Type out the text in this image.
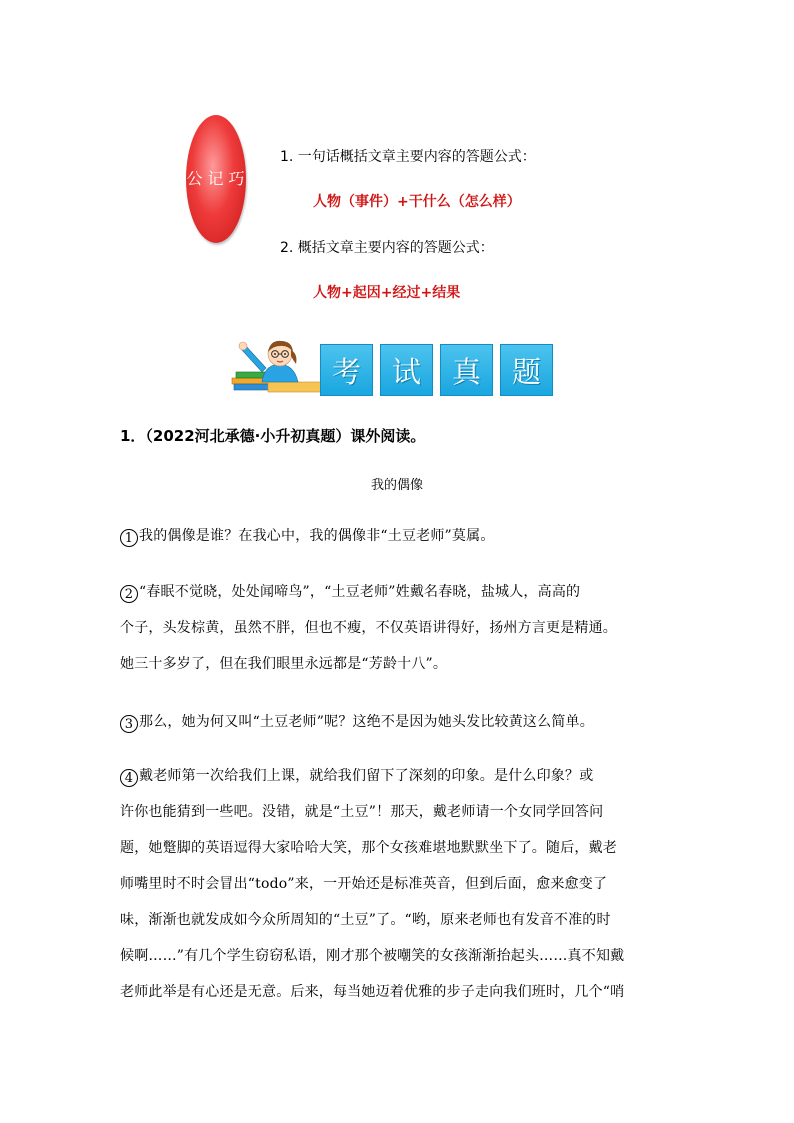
巧
记
公
式
1. 一句话概括文章主要内容的答题公式：
人物（事件）+干什么（怎么样）
2. 概括文章主要内容的答题公式：
人物+起因+经过+结果
考	试	真	题
1．（2022河北承德·小升初真题）课外阅读。
我的偶像
1 我的偶像是谁？在我心中，我的偶像非“土豆老师”莫属。
2 “春眠不觉晓，处处闻啼鸟”，“土豆老师”姓戴名春晓，盐城人，高高的
个子，头发棕黄，虽然不胖，但也不瘦，不仅英语讲得好，扬州方言更是精通。
她三十多岁了，但在我们眼里永远都是“芳龄十八”。
3 那么，她为何又叫“土豆老师”呢？这绝不是因为她头发比较黄这么简单。
4 戴老师第一次给我们上课，就给我们留下了深刻的印象。是什么印象？或
许你也能猜到一些吧。没错，就是“土豆”！那天，戴老师请一个女同学回答问
题，她蹩脚的英语逗得大家哈哈大笑，那个女孩难堪地默默坐下了。随后，戴老
师嘴里时不时会冒出“todo”来，一开始还是标准英音，但到后面，愈来愈变了
味，渐渐也就发成如今众所周知的“土豆”了。“哟，原来老师也有发音不准的时
候啊……”有几个学生窃窃私语，刚才那个被嘲笑的女孩渐渐抬起头……真不知戴
老师此举是有心还是无意。后来，每当她迈着优雅的步子走向我们班时，几个“哨
